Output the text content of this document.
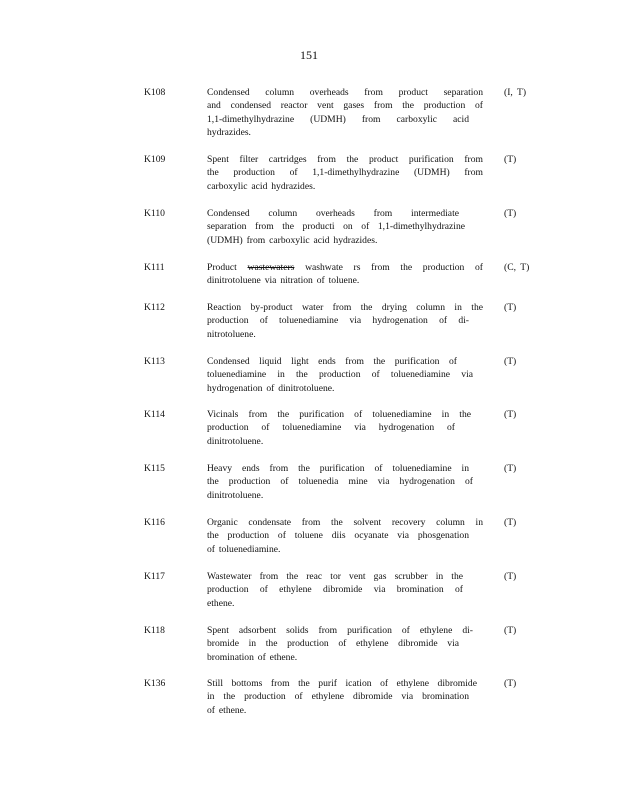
151
K108	Condensed column overheads from product separation
and condensed reactor vent gases from the production of
1,1-dimethylhydrazine (UDMH) from carboxylic acid
hydrazides.
(I, T)
K109	Spent filter cartridges from the product purification from
the production of 1,1-dimethylhydrazine (UDMH) from
carboxylic acid hydrazides.
(T)
K110	Condensed column overheads from intermediate
separation from the producti on of 1,1-dimethylhydrazine
(UDMH) from carboxylic acid hydrazides.
(T)
K111	Product wastewaters washwate rs from the production of
dinitrotoluene via nitration of toluene.
(C, T)
K112	Reaction by-product water from the drying column in the
production of toluenediamine via hydrogenation of di-
nitrotoluene.
(T)
K113	Condensed liquid light ends from the purification of
toluenediamine in the production of toluenediamine via
hydrogenation of dinitrotoluene.
(T)
K114	Vicinals from the purification of toluenediamine in the
production of toluenediamine via hydrogenation of
dinitrotoluene.
(T)
K115	Heavy ends from the purification of toluenediamine in
the production of toluenedia mine via hydrogenation of
dinitrotoluene.
(T)
K116	Organic condensate from the solvent recovery column in
the production of toluene diis ocyanate via phosgenation
of toluenediamine.
(T)
K117	Wastewater from the reac tor vent gas scrubber in the
production of ethylene dibromide via bromination of
ethene.
(T)
K118	Spent adsorbent solids from purification of ethylene di-
bromide in the production of ethylene dibromide via
bromination of ethene.
(T)
K136	Still bottoms from the purif ication of ethylene dibromide
in the production of ethylene dibromide via bromination
of ethene.
(T)
